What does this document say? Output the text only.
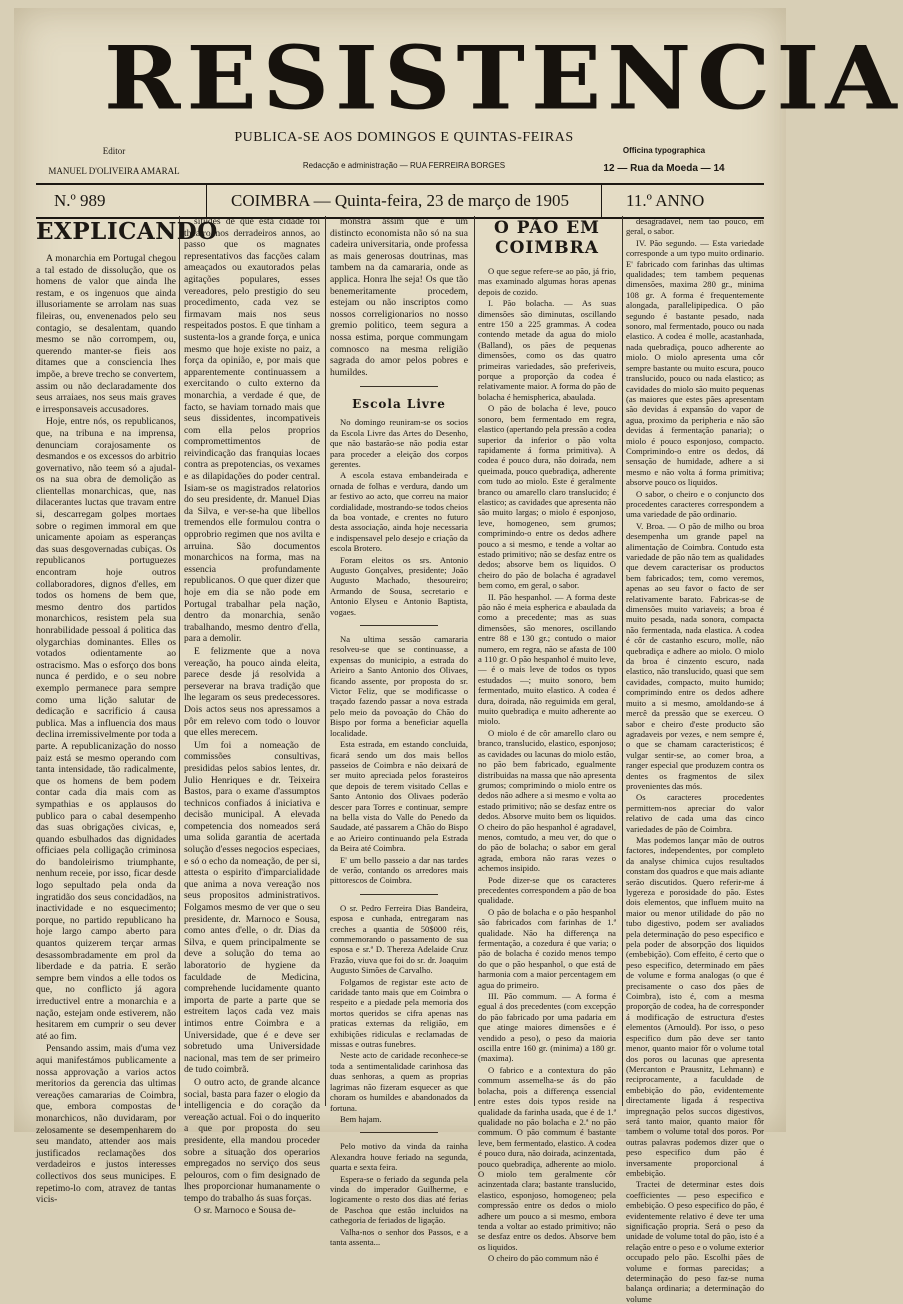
RESISTENCIA
PUBLICA-SE AOS DOMINGOS E QUINTAS-FEIRAS
Editor
MANUEL D'OLIVEIRA AMARAL
Redacção e administração — RUA FERREIRA BORGES
Officina typographica
12 — Rua da Moeda — 14
N.º 989	COIMBRA — Quinta-feira, 23 de março de 1905	11.º ANNO
EXPLICANDO

A monarchia em Portugal chegou a tal estado de dissolução, que os homens de valor que ainda lhe restam, e os ingenuos que ainda illusoriamente se arrolam nas suas fileiras, ou, envenenados pelo seu contagio, se desalentam, quando mesmo se não corrompem, ou, querendo manter-se fieis aos ditames que a consciencia lhes impõe, a breve trecho se convertem, assim ou não declaradamente dos seus arraiaes, nos seus mais graves e irresponsaveis accusadores.

Hoje, entre nós, os republicanos, que, na tribuna e na imprensa, denunciam corajosamente os desmandos e os excessos do arbitrio governativo, não teem só a ajudal-os na sua obra de demolição as clientellas monarchicas, que, nas dilacerantes luctas que travam entre si, descarregam golpes mortaes sobre o regimen immoral em que unicamente apoiam as esperanças das suas desgovernadas cubiças. Os republicanos portuguezes encontram hoje outros collaboradores, dignos d'elles, em todos os homens de bem que, mesmo dentro dos partidos monarchicos, resistem pela sua honrabilidade pessoal á politica das olygarchias dominantes. Elles os votados odientamente ao ostracismo. Mas o esforço dos bons nunca é perdido, e o seu nobre exemplo permanece para sempre como uma lição salutar de dedicação e sacrificio á causa publica. Mas a influencia dos maus declina irremissivelmente por toda a parte. A republicanização do nosso paiz está se mesmo operando com tanta intensidade, tão radicalmente, que os homens de bem podem contar cada dia mais com as sympathias e os applausos do publico para o cabal desempenho das suas obrigações civicas, e, quando esbulhados das dignidades officiaes pela colligação criminosa do bandoleirismo triumphante, nenhum receie, por isso, ficar desde logo sepultado pela onda da ingratidão dos seus concidadãos, na inactividade e no esquecimento; porque, no partido republicano ha hoje largo campo aberto para quantos quizerem terçar armas desassombradamente em prol da liberdade e da patria. E serão sempre bem vindos a elle todos os que, no conflicto já agora irreductivel entre a monarchia e a nação, estejam onde estiverem, não hesitarem em cumprir o seu dever até ao fim.

Pensando assim, mais d'uma vez aqui manifestámos publicamente a nossa approvação a varios actos meritorios da gerencia das ultimas vereações camararias de Coimbra, que, embora compostas de monarchicos, não duvidaram, por zelosamente se desempenharem do seu mandato, attender aos mais justificados reclamações dos verdadeiros e justos interesses collectivos dos seus municipes. E repetimo-lo com, atravez de tantas vicis-

situdes de que esta cidade foi theatro nos derradeiros annos, ao passo que os magnates representativos das facções calam ameaçados ou exautorados pelas agitações populares, esses vereadores, pelo prestigio do seu procedimento, cada vez se firmavam mais nos seus respeitados postos. E que tinham a sustenta-los a grande força, e unica mesmo que hoje existe no paiz, a força da opinião, e, por mais que apparentemente continuassem a exercitando o culto externo da monarchia, a verdade é que, de facto, se haviam tornado mais que seus dissidentes, incompativeis com ella pelos proprios compromettimentos de reivindicação das franquias locaes contra as prepotencias, os vexames e as dilapidações do poder central. Isiam-se os magistrados relatorios do seu presidente, dr. Manuel Dias da Silva, e ver-se-ha que libellos tremendos elle formulou contra o opprobrio regimen que nos avilta e arruina. São documentos monarchicos na forma, mas na essencia profundamente republicanos. O que quer dizer que hoje em dia se não pode em Portugal trabalhar pela nação, dentro da monarchia, senão trabalhando, mesmo dentro d'ella, para a demolir.

E felizmente que a nova vereação, ha pouco ainda eleita, parece desde já resolvida a perseverar na brava tradição que lhe legaram os seus predecessores. Dois actos seus nos apressamos a pôr em relevo com todo o louvor que elles merecem.

Um foi a nomeação de commissões consultivas, presididas pelos sabios lentes, dr. Julio Henriques e dr. Teixeira Bastos, para o exame d'assumptos technicos confiados á iniciativa e decisão municipal. A elevada competencia dos nomeados será uma solida garantia de acertada solução d'esses negocios especiaes, e só o echo da nomeação, de per si, attesta o espirito d'imparcialidade que anima a nova vereação nos seus propositos administrativos. Folgamos mesmo de ver que o seu presidente, dr. Marnoco e Sousa, como antes d'elle, o dr. Dias da Silva, e quem principalmente se deve a solução do tema ao laboratorio de hygiene da faculdade de Medicina, comprehende lucidamente quanto importa de parte a parte que se estreitem laços cada vez mais intimos entre Coimbra e a Universidade, que é e deve ser sobretudo uma Universidade nacional, mas tem de ser primeiro de tudo coimbrã.

O outro acto, de grande alcance social, basta para fazer o elogio da intelligencia e do coração da vereação actual. Foi o do inquerito a que por proposta do seu presidente, ella mandou proceder sobre a situação dos operarios empregados no serviço dos seus pelouros, com o fim designado de lhes proporcionar humanamente o tempo do trabalho ás suas forças.

O sr. Marnoco e Sousa de-

monstra assim que é um distincto economista não só na sua cadeira universitaria, onde professa as mais generosas doutrinas, mas tambem na da camararia, onde as applica. Honra lhe seja! Os que tão benemeritamente procedem, estejam ou não inscriptos como nossos correligionarios no nosso gremio politico, teem segura a nossa estima, porque commungam comnosco na mesma religião sagrada do amor pelos pobres e humildes.

Escola Livre

No domingo reuniram-se os socios da Escola Livre das Artes do Desenho, que não bastarão-se não podia estar para proceder a eleição dos corpos gerentes.

A escola estava embandeirada e ornada de folhas e verdura, dando um ar festivo ao acto, que correu na maior cordialidade, mostrando-se todos cheios da boa vontade, e crentes no futuro desta associação, ainda hoje necessaria e indispensavel pelo desejo e criação da escola Brotero.

Foram eleitos os srs. Antonio Augusto Gonçalves, presidente; João Augusto Machado, thesoureiro; Armando de Sousa, secretario e Antonio Elyseu e Antonio Baptista, vogaes.

Na ultima sessão camararia resolveu-se que se continuasse, a expensas do municipio, a estrada do Arieiro a Santo Antonio dos Olivaes, ficando assente, por proposta do sr. Victor Feliz, que se modificasse o traçado fazendo passar a nova estrada pelo meio da povoação do Chão do Bispo por forma a beneficiar aquella localidade.

Esta estrada, em estando concluida, ficará sendo um dos mais bellos passeios de Coimbra e não deixará de ser muito apreciada pelos forasteiros que depois de terem visitado Cellas e Santo Antonio dos Olivaes poderão descer para Torres e continuar, sempre na bella vista do Valle do Penedo da Saudade, até passarem a Chão do Bispo e ao Arieiro continuando pela Estrada da Beira até Coimbra.

E' um bello passeio a dar nas tardes de verão, contando os arredores mais pittorescos de Coimbra.

O sr. Pedro Ferreira Dias Bandeira, esposa e cunhada, entregaram nas creches a quantia de 50$000 réis, commemorando o passamento de sua esposa e sr.ª D. Thereza Adelaide Cruz Frazão, viuva que foi do sr. dr. Joaquim Augusto Simões de Carvalho.

Folgamos de registar este acto de caridade tanto mais que em Coimbra o respeito e a piedade pela memoria dos mortos queridos se cifra apenas nas praticas externas da religião, em exhibições ridiculas e reclamadas de missas e outras funebres.

Neste acto de caridade reconhece-se toda a sentimentalidade carinhosa das duas senhoras, a quem as proprias lagrimas não fizeram esquecer as que choram os humildes e abandonados da fortuna.

Bem hajam.

Pelo motivo da vinda da rainha Alexandra houve feriado na segunda, quarta e sexta feira.

Espera-se o feriado da segunda pela vinda do imperador Guilherme, e logicamente o resto dos dias até ferias de Paschoa que estão incluidos na cathegoria de feriados de ligação.

Valha-nos o senhor dos Passos, e a tanta assenta...

O PÃO EM COIMBRA

O que segue refere-se ao pão, já frio, mas examinado algumas horas apenas depois de cozido.

I. Pão bolacha. — As suas dimensões são diminutas, oscillando entre 150 a 225 grammas. A codea contendo metade da agua do miolo (Balland), os pães de pequenas dimensões, como os das quatro primeiras variedades, são preferiveis, porque a proporção da codea é relativamente maior. A forma do pão de bolacha é hemispherica, abaulada.

O pão de bolacha é leve, pouco sonoro, bem fermentado em regra, elastico (apertando pela pressão a codea superior da inferior o pão volta rapidamente á forma primitiva). A codea é pouco dura, não doirada, nem queimada, pouco quebradiça, adherente com tudo ao miolo. Este é geralmente branco ou amarello claro translucido; é elastico; as cavidades que apresenta não são muito largas; o miolo é esponjoso, leve, homogeneo, sem grumos; comprimindo-o entre os dedos adhere pouco a si mesmo, e tende a voltar ao estado primitivo; não se desfaz entre os dedos; absorve bem os liquidos. O cheiro do pão de bolacha é agradavel bem como, em geral, o sabor.

II. Pão hespanhol. — A forma deste pão não é meia espherica e abaulada da como a precedente; mas as suas dimensões, são menores, oscillando entre 88 e 130 gr.; contudo o maior numero, em regra, não se afasta de 100 a 110 gr. O pão hespanhol é muito leve, — é o mais leve de todos os typos estudados —; muito sonoro, bem fermentado, muito elastico. A codea é dura, doirada, não reguimida em geral, muito quebradiça e muito adherente ao miolo.

O miolo é de côr amarello claro ou branco, translucido, elastico, esponjoso; as cavidades ou lacunas do miolo estão, no pão bem fabricado, egualmente distribuidas na massa que não apresenta grumos; comprimindo o miolo entre os dedos não adhere a si mesmo e volta ao estado primitivo; não se desfaz entre os dedos. Absorve muito bem os liquidos. O cheiro do pão hespanhol é agradavel, menos, comtudo, a meu ver, do que o do pão de bolacha; o sabor em geral agrada, embora não raras vezes o achemos insipido.

Pode dizer-se que os caracteres precedentes correspondem a pão de boa qualidade.

O pão de bolacha e o pão hespanhol são fabricados com farinhas de 1.ª qualidade. Não ha differença na fermentação, a cozedura é que varia; o pão de bolacha é cozido menos tempo do que o pão hespanhol, o que está de harmonia com a maior percentagem em agua do primeiro.

III. Pão commum. — A forma é egual á dos precedentes (com excepção do pão fabricado por uma padaria em que atinge maiores dimensões e é vendido a peso), o peso da maioria oscilla entre 160 gr. (minima) a 180 gr. (maxima).

O fabrico e a contextura do pão commum assemelha-se ás do pão bolacha, pois a differença essencial entre estes dois typos reside na qualidade da farinha usada, que é de 1.ª qualidade no pão bolacha e 2.ª no pão commum. O pão commum é bastante leve, bem fermentado, elastico. A codea é pouco dura, não doirada, acinzentada, pouco quebradiça, adherente ao miolo. O miolo tem geralmente côr acinzentada clara; bastante translucido, elastico, esponjoso, homogeneo; pela compressão entre os dedos o miolo adhere um pouco a si mesmo, embora tenda a voltar ao estado primitivo; não se desfaz entre os dedos. Absorve bem os liquidos.

O cheiro do pão commum não é

desagradavel, nem tão pouco, em geral, o sabor.

IV. Pão segundo. — Esta variedade corresponde a um typo muito ordinario. E' fabricado com farinhas das ultimas qualidades; tem tambem pequenas dimensões, maxima 280 gr., minima 108 gr. A forma é frequentemente alongada, parallelipipedica. O pão segundo é bastante pesado, nada sonoro, mal fermentado, pouco ou nada elastico. A codea é molle, acastanhada, nada quebradiça, pouco adherente ao miolo. O miolo apresenta uma côr sempre bastante ou muito escura, pouco translucido, pouco ou nada elastico; as cavidades do miolo são muito pequenas (as maiores que estes pães apresentam são devidas á expansão do vapor de agua, proximo da peripheria e não são devidas á fermentação panaria); o miolo é pouco esponjoso, compacto. Comprimindo-o entre os dedos, dá sensação de humidade, adhere a si mesmo e não volta á forma primitiva; absorve pouco os liquidos.

O sabor, o cheiro e o conjuncto dos procedentes caracteres correspondem a uma variedade de pão ordinario.

V. Broa. — O pão de milho ou broa desempenha um grande papel na alimentação de Coimbra. Contudo esta variedade de pão não tem as qualidades que devem caracterisar os productos bem fabricados; tem, como veremos, apenas ao seu favor o facto de ser relativamente barato. Fabricas-se de dimensões muito variaveis; a broa é muito pesada, nada sonora, compacta não fermentada, nada elastica. A codea é côr de castanho escuro, molle, não quebradiça e adhere ao miolo. O miolo da broa é cinzento escuro, nada elastico, não translucido, quasi que sem cavidades, compacto, muito humido; comprimindo entre os dedos adhere muito a si mesmo, amoldando-se á mercê da pressão que se exerceu. O sabor e cheiro d'este producto são agradaveis por vezes, e nem sempre é, o que se chamam caracteristicos; é vulgar sentir-se, ao comer broa, a ranger especial que produzem contra os dentes os fragmentos de silex provenientes das mós.

Os caracteres procedentes permittem-nos apreciar do valor relativo de cada uma das cinco variedades de pão de Coimbra.

Mas podemos lançar mão de outros factores, independentes, por completo da analyse chimica cujos resultados constam dos quadros e que mais adiante serão discutidos. Quero referir-me á lygereza e porosidade do pão. Estes dois elementos, que influem muito na maior ou menor utilidade do pão no tubo digestivo, podem ser avaliados pela determinação do peso especifico e pela poder de absorpção dos liquidos (embebição). Com effeito, é certo que o peso especifico, determinado em pães de volume e forma analogas (o que é precisamente o caso dos pães de Coimbra), isto é, com a mesma proporção de codea, ha de corresponder á modificação de estructura d'estes elementos (Arnould). Por isso, o peso especifico dum pão deve ser tanto menor, quanto maior fôr o volume total dos poros ou lacunas que apresenta (Mercanton e Prausnitz, Lehmann) e reciprocamente, a faculdade de embebição do pão, evidentemente directamente ligada á respectiva impregnação pelos succos digestivos, será tanto maior, quanto maior fôr tambem o volume total dos poros. Por outras palavras podemos dizer que o peso especifico dum pão é inversamente proporcional á embebição.

Tractei de determinar estes dois coefficientes — peso especifico e embebição. O peso especifico do pão, é evidentemente relativo é deve ter uma significação propria. Será o peso da unidade de volume total do pão, isto é a relação entre o peso e o volume exterior occupado pelo pão. Escolhi pães de volume e formas parecidas; a determinação do peso faz-se numa balança ordinaria; a determinação do volume
